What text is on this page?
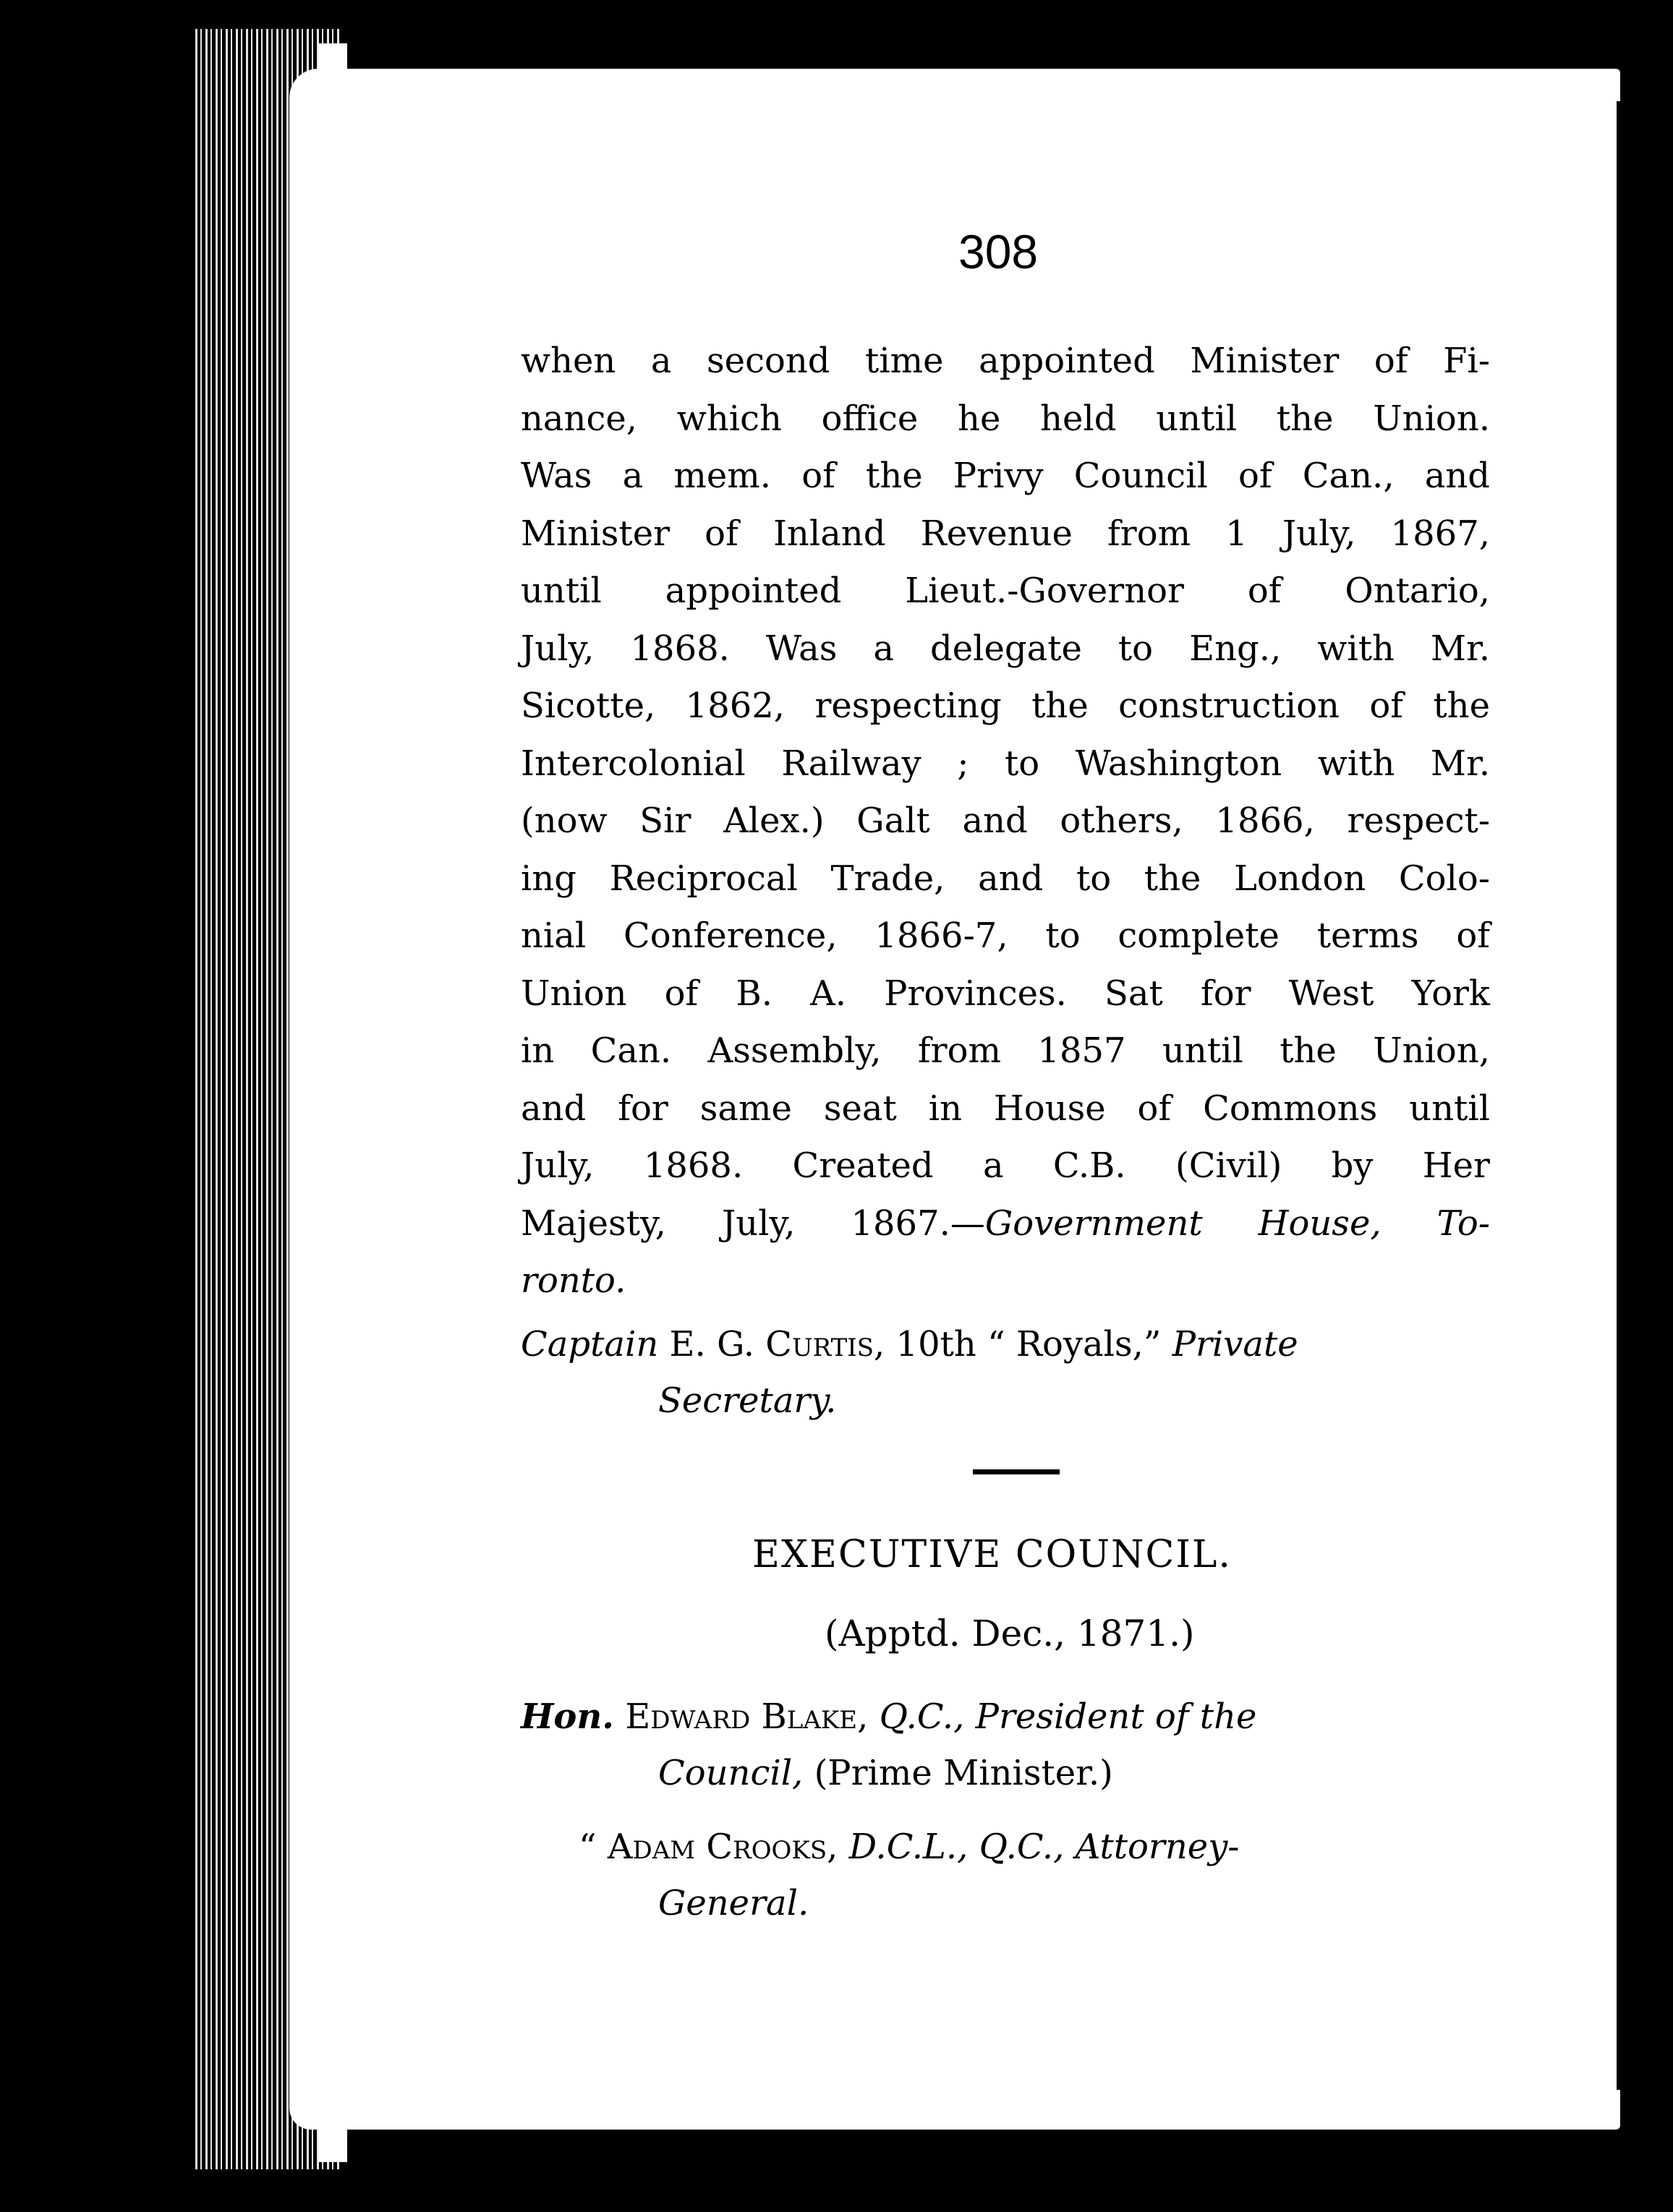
308
when a second time appointed Minister of Fi-
nance, which office he held until the Union.
Was a mem. of the Privy Council of Can., and
Minister of Inland Revenue from 1 July, 1867,
until appointed Lieut.-Governor of Ontario,
July, 1868. Was a delegate to Eng., with Mr.
Sicotte, 1862, respecting the construction of the
Intercolonial Railway ; to Washington with Mr.
(now Sir Alex.) Galt and others, 1866, respect-
ing Reciprocal Trade, and to the London Colo-
nial Conference, 1866-7, to complete terms of
Union of B. A. Provinces. Sat for West York
in Can. Assembly, from 1857 until the Union,
and for same seat in House of Commons until
July, 1868. Created a C.B. (Civil) by Her
Majesty, July, 1867.—Government House, To-
ronto.
Captain E. G. Curtis, 10th “ Royals,” Private
Secretary.
EXECUTIVE COUNCIL.
(Apptd. Dec., 1871.)
Hon. Edward Blake, Q.C., President of the
Council, (Prime Minister.)
“ Adam Crooks, D.C.L., Q.C., Attorney-
General.
